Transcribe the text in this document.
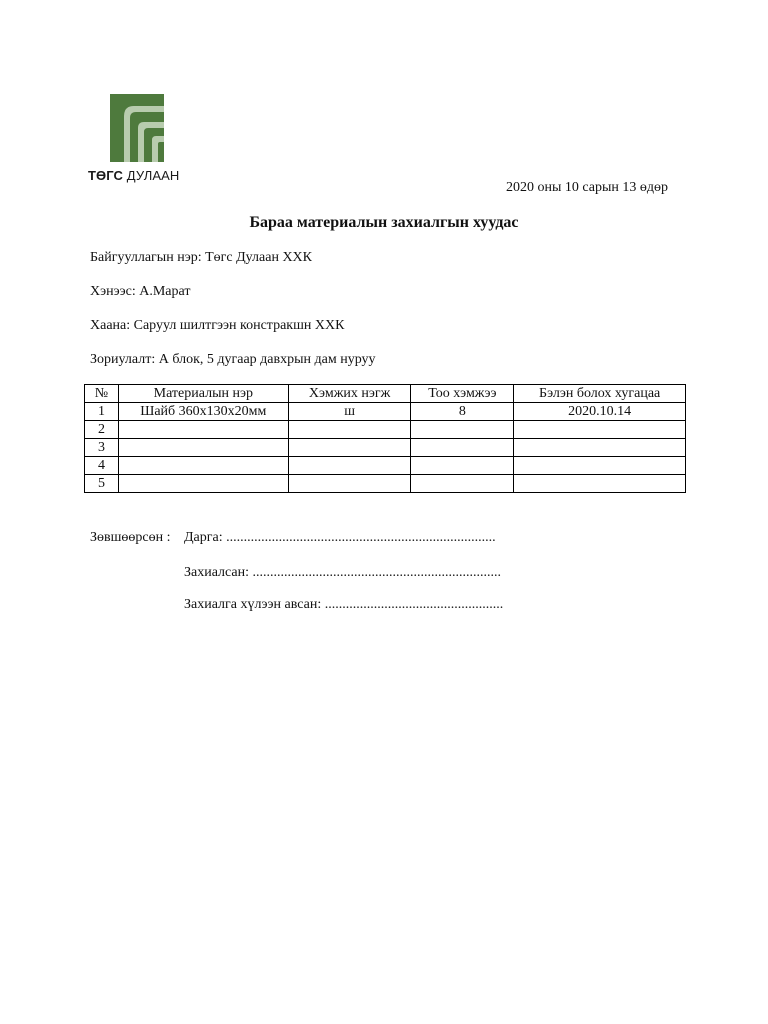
ТӨГС ДУЛААН
2020 оны 10 сарын 13 өдөр
Бараа материалын захиалгын хуудас
Байгууллагын нэр: Төгс Дулаан ХХК
Хэнээс: А.Марат
Хаана: Саруул шилтгээн констракшн ХХК
Зориулалт: А блок, 5 дугаар давхрын дам нуруу
№	Материалын нэр	Хэмжих нэгж	Тоо хэмжээ	Бэлэн болох хугацаа
1	Шайб 360х130х20мм	ш	8	2020.10.14
2				
3				
4				
5				
Зөвшөөрсөн : Дарга: .............................................................................
Захиалсан: .......................................................................
Захиалга хүлээн авсан: ...................................................
